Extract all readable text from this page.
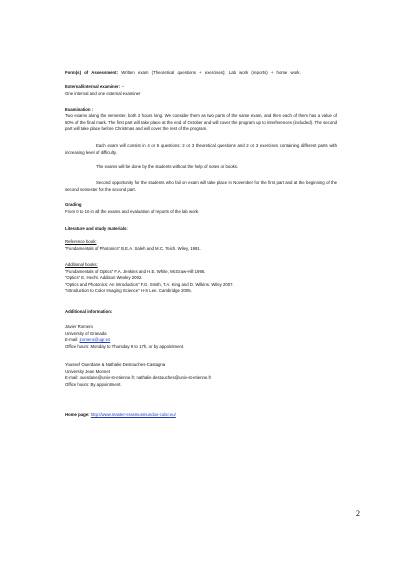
Form(s) of Assessment: Written exam (Theoretical questions + exercises); Lab work (reports) + home work.
External/internal examiner: --
One internal and one external examiner
Examination :
Two exams along the semester, both 2 hours long. We consider them as two parts of the same exam, and then each of them has a value of 50% of the final mark. The first part will take place at the end of October and will cover the program up to interferences (included). The second part will take place before Christmas and will cover the rest of the program.
Each exam will consist in 4 or 5 questions: 2 or 3 theoretical questions and 2 or 3 exercises containing different parts with increasing level of difficulty.
The exams will be done by the students without the help of notes or books.
Second opportunity for the students who fail on exam will take place in November for the first part and at the beginning of the second semester for the second part.
Grading
From 0 to 10 in all the exams and evaluation of reports of the lab work.
Literature and study materials:
Reference book:
“Fundamentals of Photonics” B.E.A. Saleh and M.C. Teich. Wiley, 1991.
Additional books:
“Fundamentals of Optics” F.A. Jenkins and H.E. White, McGraw-Hill 1995.
“Optics” E. Hecht. Addison Wesley 2002.
“Optics and Photonics: An Introduction” F.G. Smith, T.A. King and D. Wilkins. Wiley 2007.
“Introduction to Color Imaging Science” H-S Lee. Cambridge 2005.
Additional information:
Javier Romero
University of Granada
E-mail: jromero@ugr.es
Office hours: Monday to Thursday 9 to 17h, or by appointment.
Youssef Ouerdane & Nathalie Destouches-Castagna
University Jean Monnet
E-mail: ouerdane@univ-st-etienne.fr; nathalie.destouches@univ-st-etienne.fr
Office hours: By appointment.
Home page: http://www.master-erasmusmundus-color.eu/
2
